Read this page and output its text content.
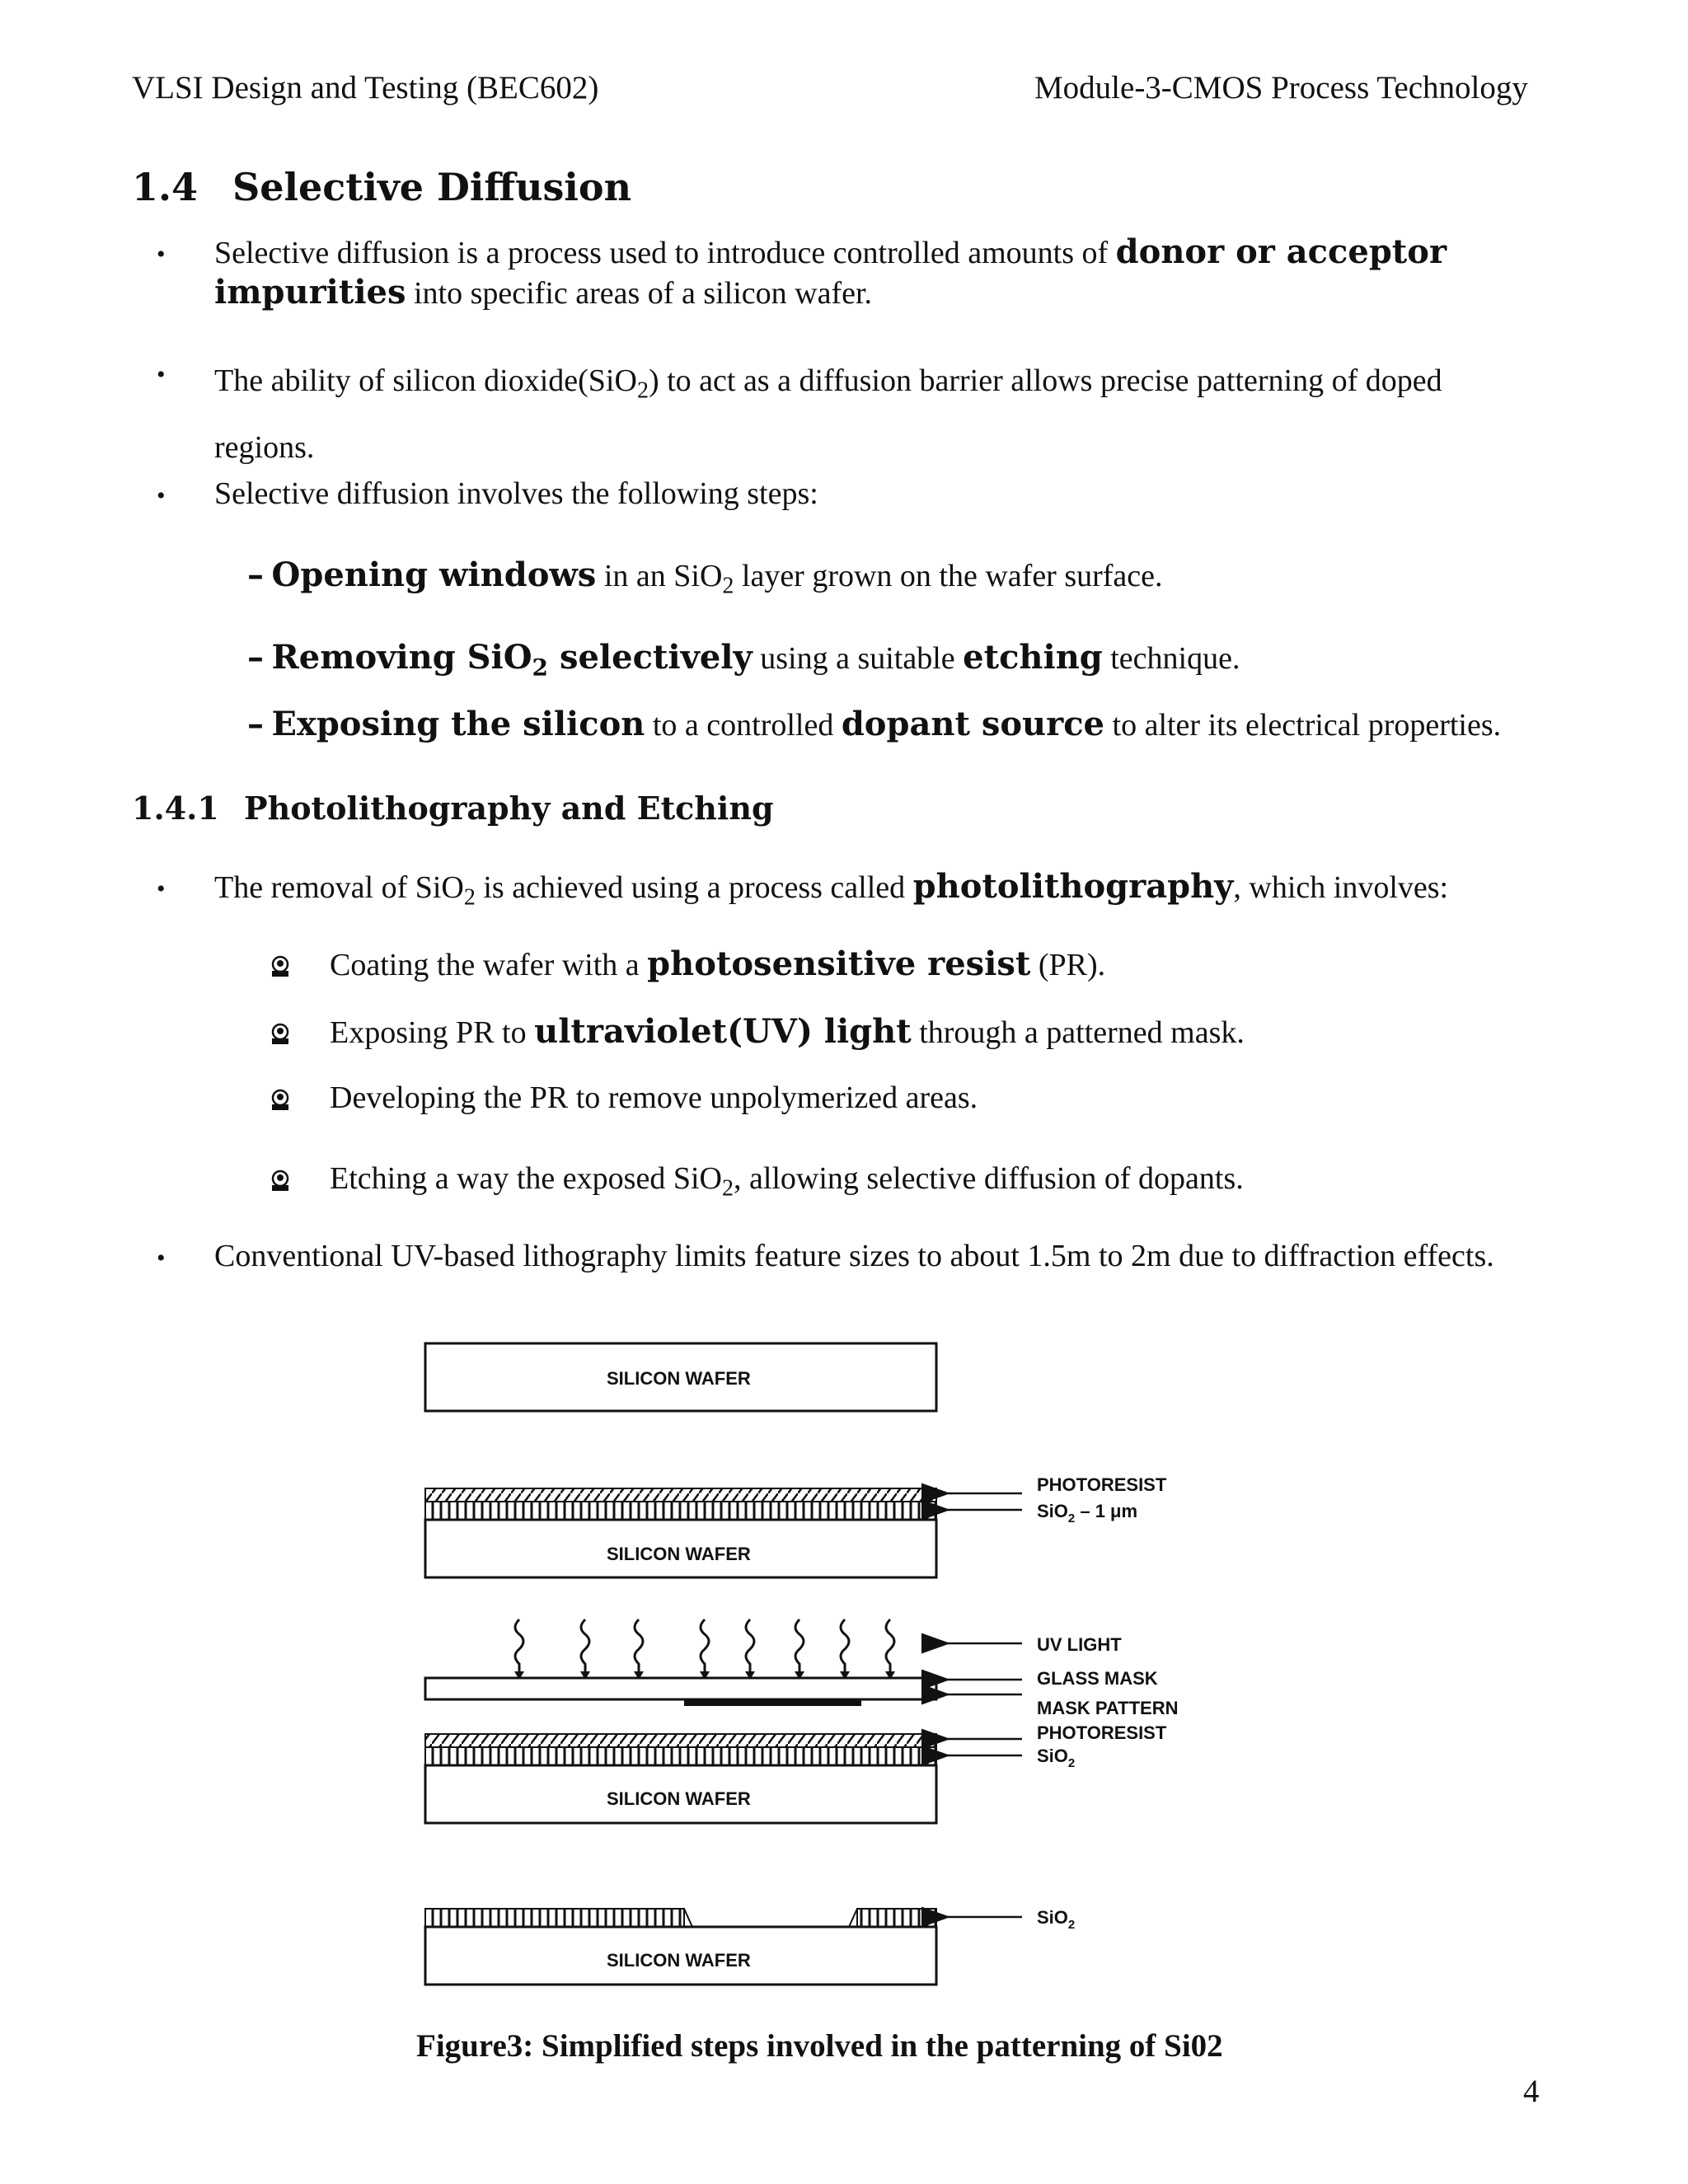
VLSI Design and Testing (BEC602)	Module-3-CMOS Process Technology
1.4 Selective Diffusion
• Selective diffusion is a process used to introduce controlled amounts of donor or acceptor impurities into specific areas of a silicon wafer.
• The ability of silicon dioxide(SiO$_2$) to act as a diffusion barrier allows precise patterning of doped regions.
• Selective diffusion involves the following steps:
– Opening windows in an SiO$_2$ layer grown on the wafer surface.
– Removing SiO$_2$ selectively using a suitable etching technique.
– Exposing the silicon to a controlled dopant source to alter its electrical properties.
1.4.1 Photolithography and Etching
• The removal of SiO$_2$ is achieved using a process called photolithography, which involves:
Coating the wafer with a photosensitive resist (PR).
Exposing PR to ultraviolet(UV) light through a patterned mask.
Developing the PR to remove unpolymerized areas.
Etching a way the exposed SiO$_2$, allowing selective diffusion of dopants.
• Conventional UV-based lithography limits feature sizes to about 1.5m to 2m due to diffraction effects.
SILICON WAFER
SILICON WAFER
PHOTORESIST
SiO$_2$ – 1 μm
SILICON WAFER
UV LIGHT
GLASS MASK
MASK PATTERN
PHOTORESIST
SiO$_2$
SILICON WAFER
SiO$_2$
Figure3: Simplified steps involved in the patterning of Si02
4
